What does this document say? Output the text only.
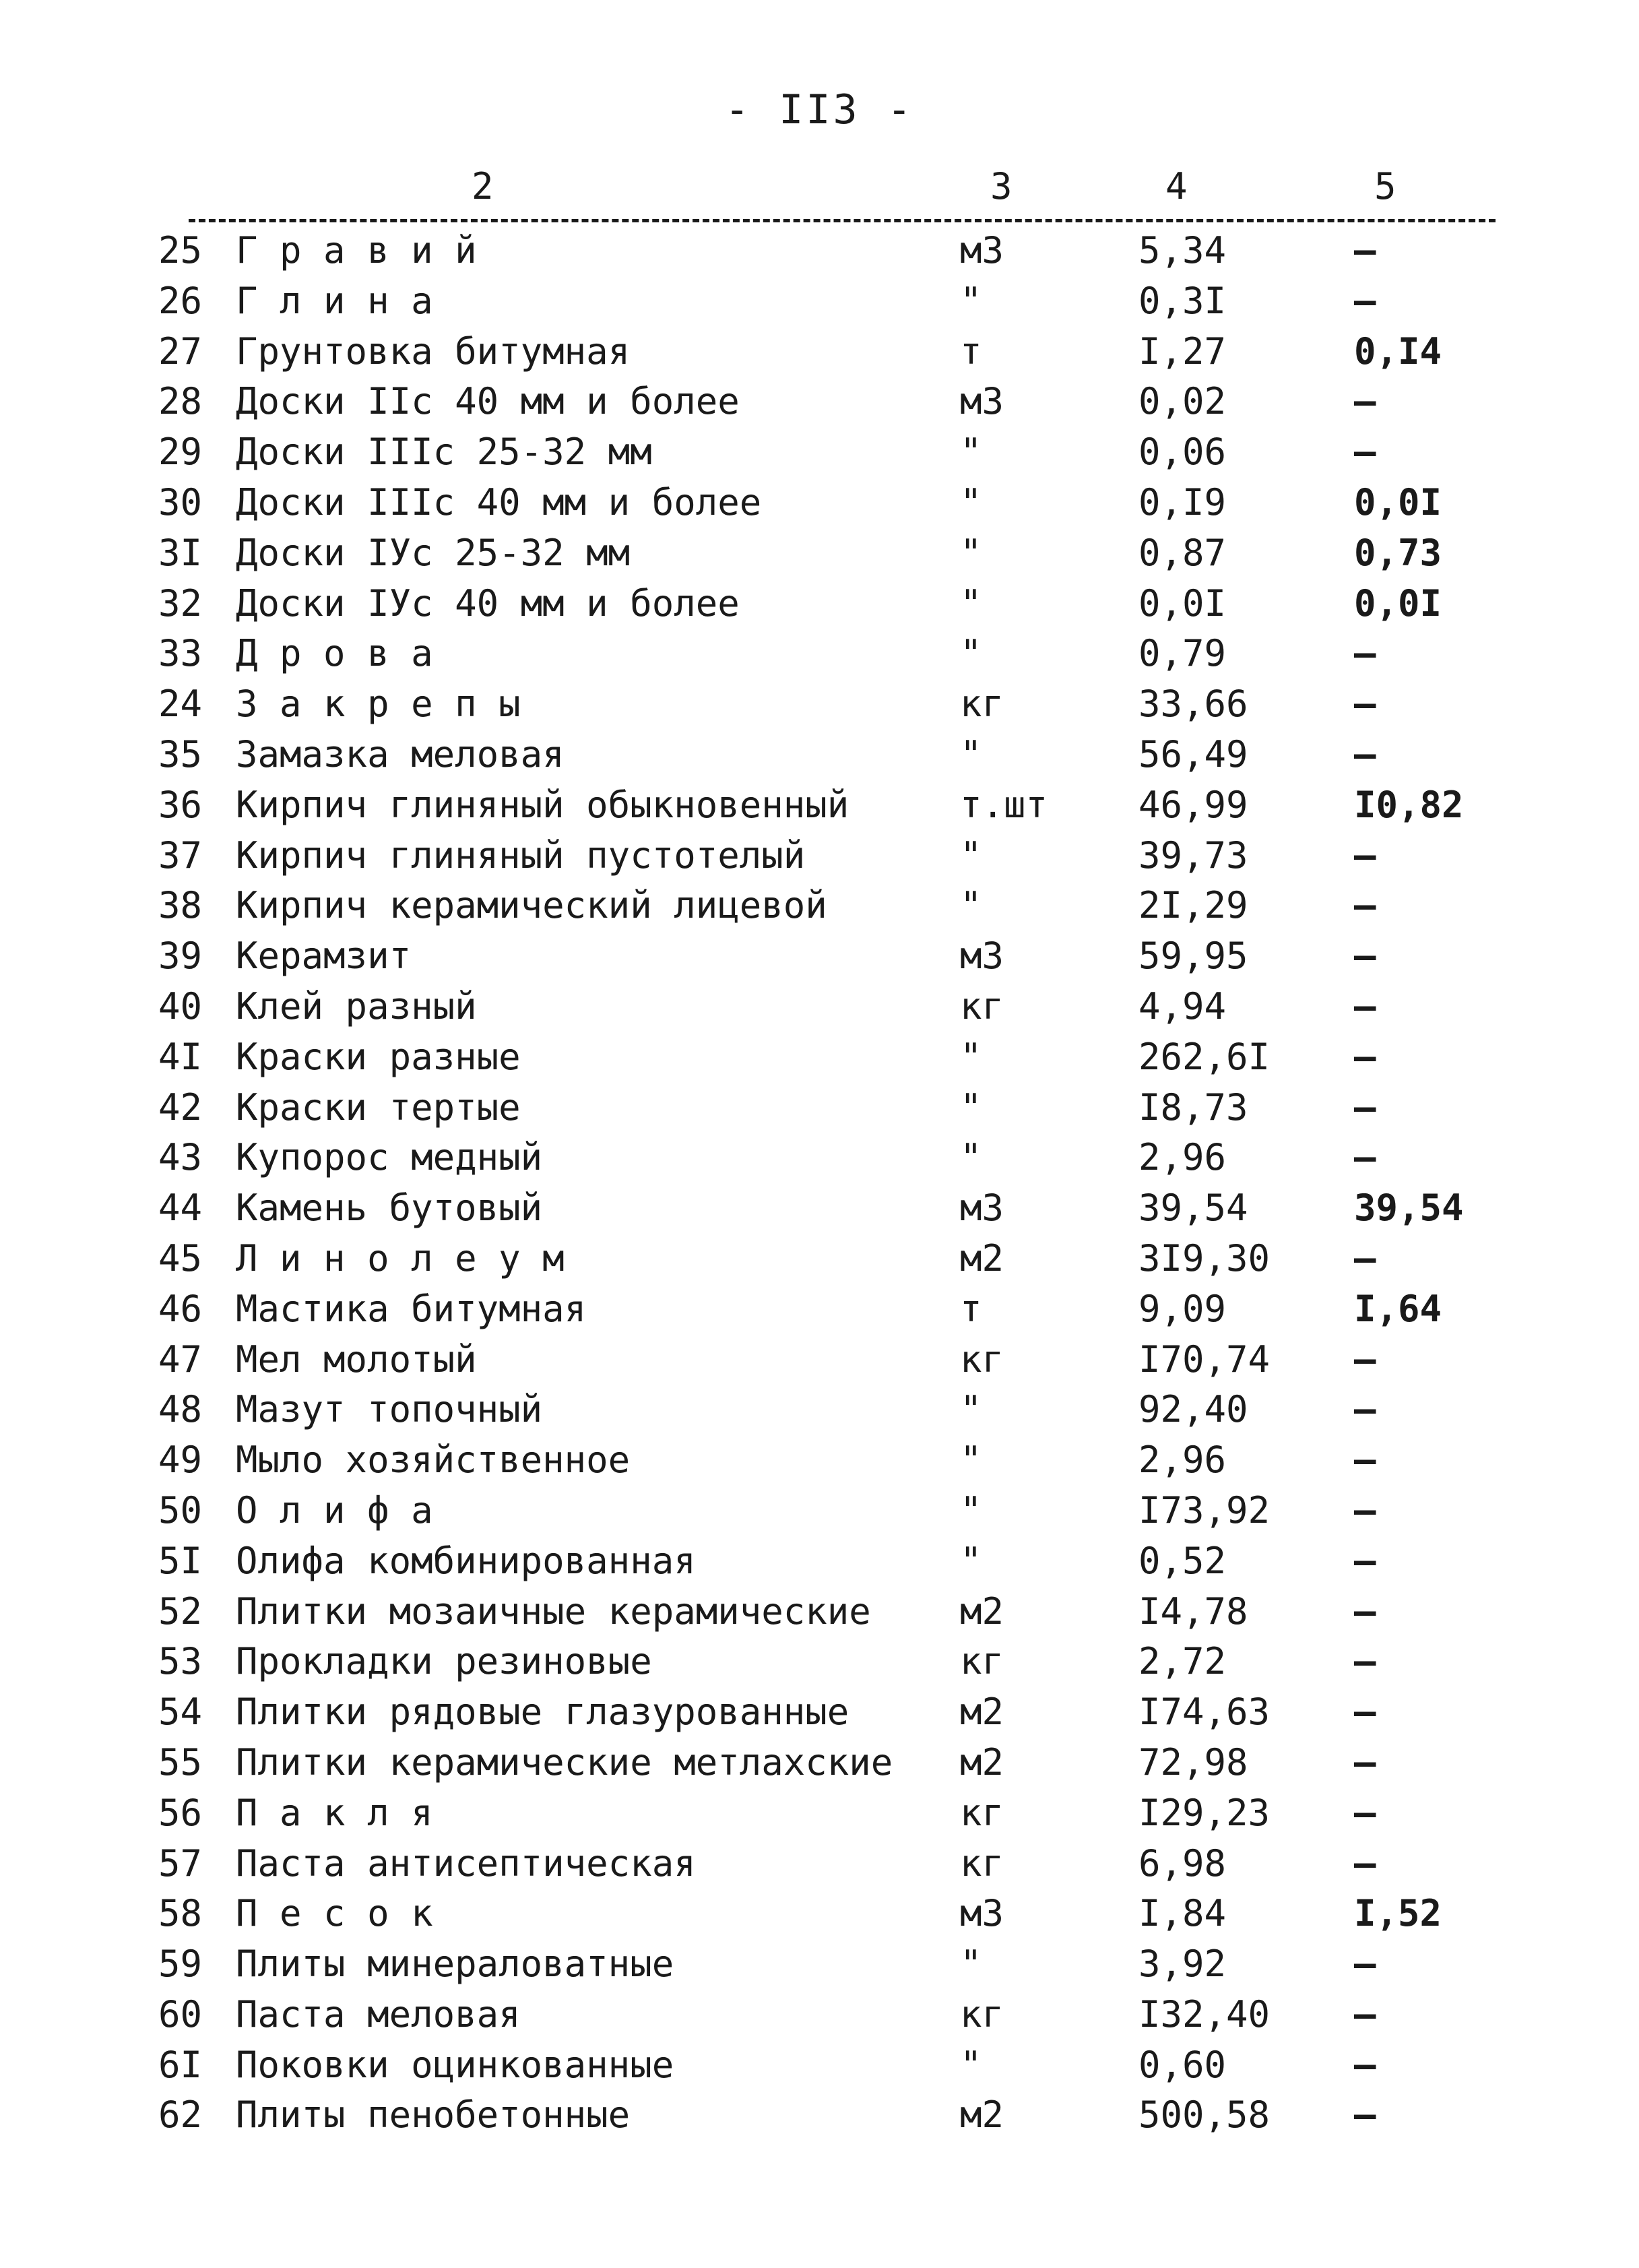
- II3 -
2	3	4	5
25 Г р а в и й	м3	5,34	–
26 Г л и н а	"	0,3I	–
27 Грунтовка битумная	т	I,27	0,I4
28 Доски IIс 40 мм и более	м3	0,02	–
29 Доски IIIс 25-32 мм	"	0,06	–
30 Доски IIIс 40 мм и более	"	0,I9	0,0I
3I Доски IУс 25-32 мм	"	0,87	0,73
32 Доски IУс 40 мм и более	"	0,0I	0,0I
33 Д р о в а	"	0,79	–
24 З а к р е п ы	кг	33,66	–
35 Замазка меловая	"	56,49	–
36 Кирпич глиняный обыкновенный	т.шт 46,99	I0,82
37 Кирпич глиняный пустотелый	"	39,73	–
38 Кирпич керамический лицевой	"	2I,29	–
39 Керамзит	м3	59,95	–
40 Клей разный	кг	4,94	–
4I Краски разные	"	262,6I –
42 Краски тертые	"	I8,73	–
43 Купорос медный	"	2,96	–
44 Камень бутовый	м3	39,54	39,54
45 Л и н о л е у м	м2	3I9,30 –
46 Мастика битумная	т	9,09	I,64
47 Мел молотый	кг	I70,74 –
48 Мазут топочный	"	92,40	–
49 Мыло хозяйственное	"	2,96	–
50 О л и ф а	"	I73,92 –
5I Олифа комбинированная	"	0,52	–
52 Плитки мозаичные керамические м2	I4,78	–
53 Прокладки резиновые	кг	2,72	–
54 Плитки рядовые глазурованные	м2	I74,63 –
55 Плитки керамические метлахские м2	72,98	–
56 П а к л я	кг	I29,23 –
57 Паста антисептическая	кг	6,98	–
58 П е с о к	м3	I,84	I,52
59 Плиты минераловатные	"	3,92	–
60 Паста меловая	кг	I32,40 –
6I Поковки оцинкованные	"	0,60	–
62 Плиты пенобетонные	м2	500,58 –
